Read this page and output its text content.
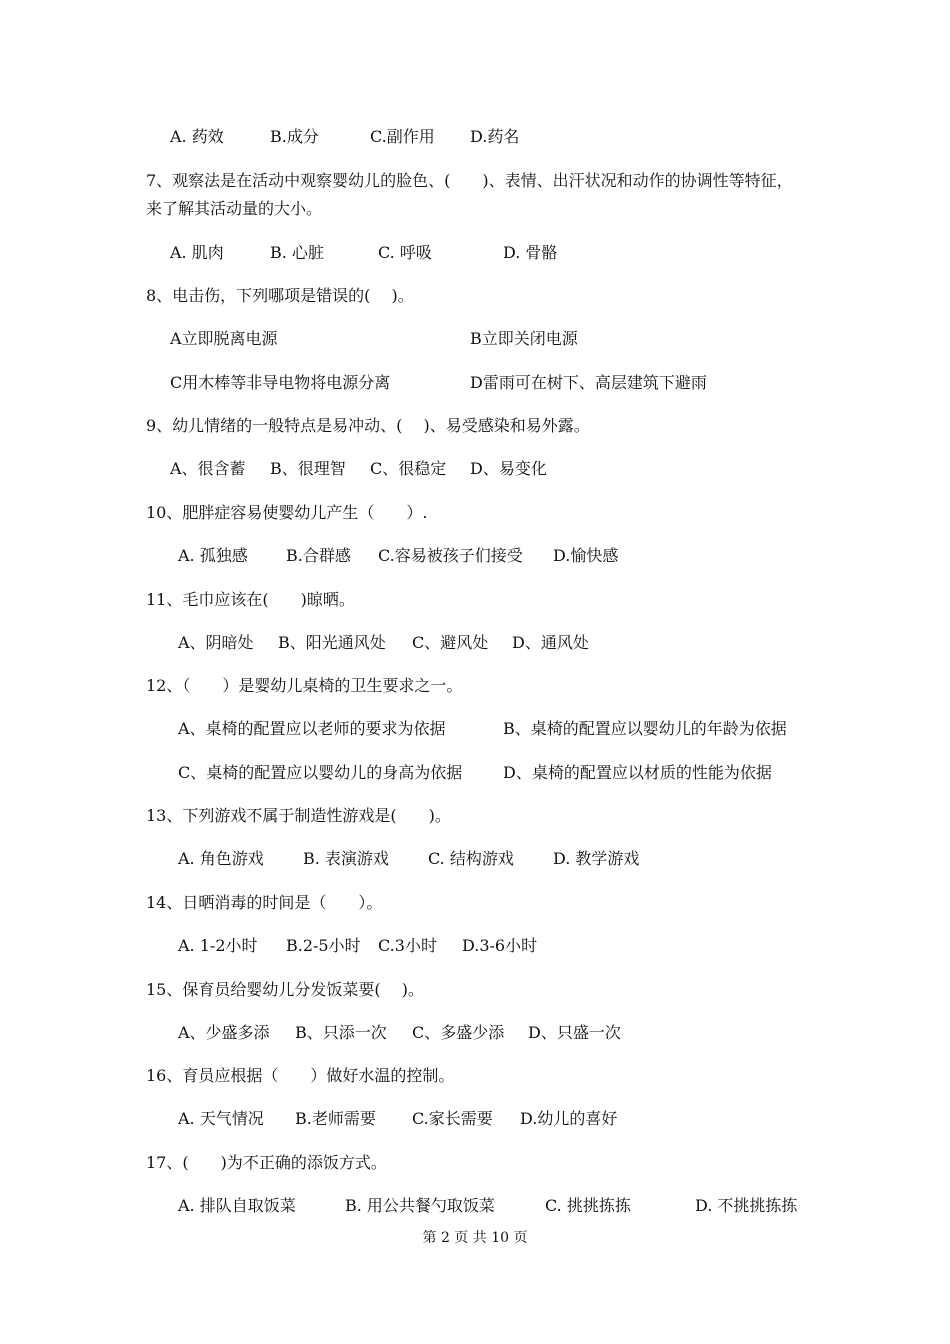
A. 药效	B.成分	C.副作用 D.药名
7、观察法是在活动中观察婴幼儿的脸色、(　　)、表情、出汗状况和动作的协调性等特征，
来了解其活动量的大小。
A. 肌肉	B. 心脏	C. 呼吸	D. 骨骼
8、电击伤，下列哪项是错误的(　 )。
A立即脱离电源	B立即关闭电源
C用木棒等非导电物将电源分离	D雷雨可在树下、高层建筑下避雨
9、幼儿情绪的一般特点是易冲动、(　 )、易受感染和易外露。
A、很含蓄 B、很理智 C、很稳定 D、易变化
10、肥胖症容易使婴幼儿产生（　　）.
A. 孤独感 B.合群感 C.容易被孩子们接受 D.愉快感
11、毛巾应该在(　　)晾晒。
A、阴暗处 B、阳光通风处 C、避风处 D、通风处
12、（　　）是婴幼儿桌椅的卫生要求之一。
A、桌椅的配置应以老师的要求为依据	B、桌椅的配置应以婴幼儿的年龄为依据
C、桌椅的配置应以婴幼儿的身高为依据	D、桌椅的配置应以材质的性能为依据
13、下列游戏不属于制造性游戏是(　　)。
A. 角色游戏 B. 表演游戏 C. 结构游戏 D. 教学游戏
14、日晒消毒的时间是（　　）。
A. 1-2小时 B.2-5小时 C.3小时 D.3-6小时
15、保育员给婴幼儿分发饭菜要(　 )。
A、少盛多添 B、只添一次 C、多盛少添 D、只盛一次
16、育员应根据（　　）做好水温的控制。
A. 天气情况 B.老师需要 C.家长需要 D.幼儿的喜好
17、(　　)为不正确的添饭方式。
A. 排队自取饭菜	B. 用公共餐勺取饭菜	C. 挑挑拣拣	D. 不挑挑拣拣
第 2 页 共 10 页
